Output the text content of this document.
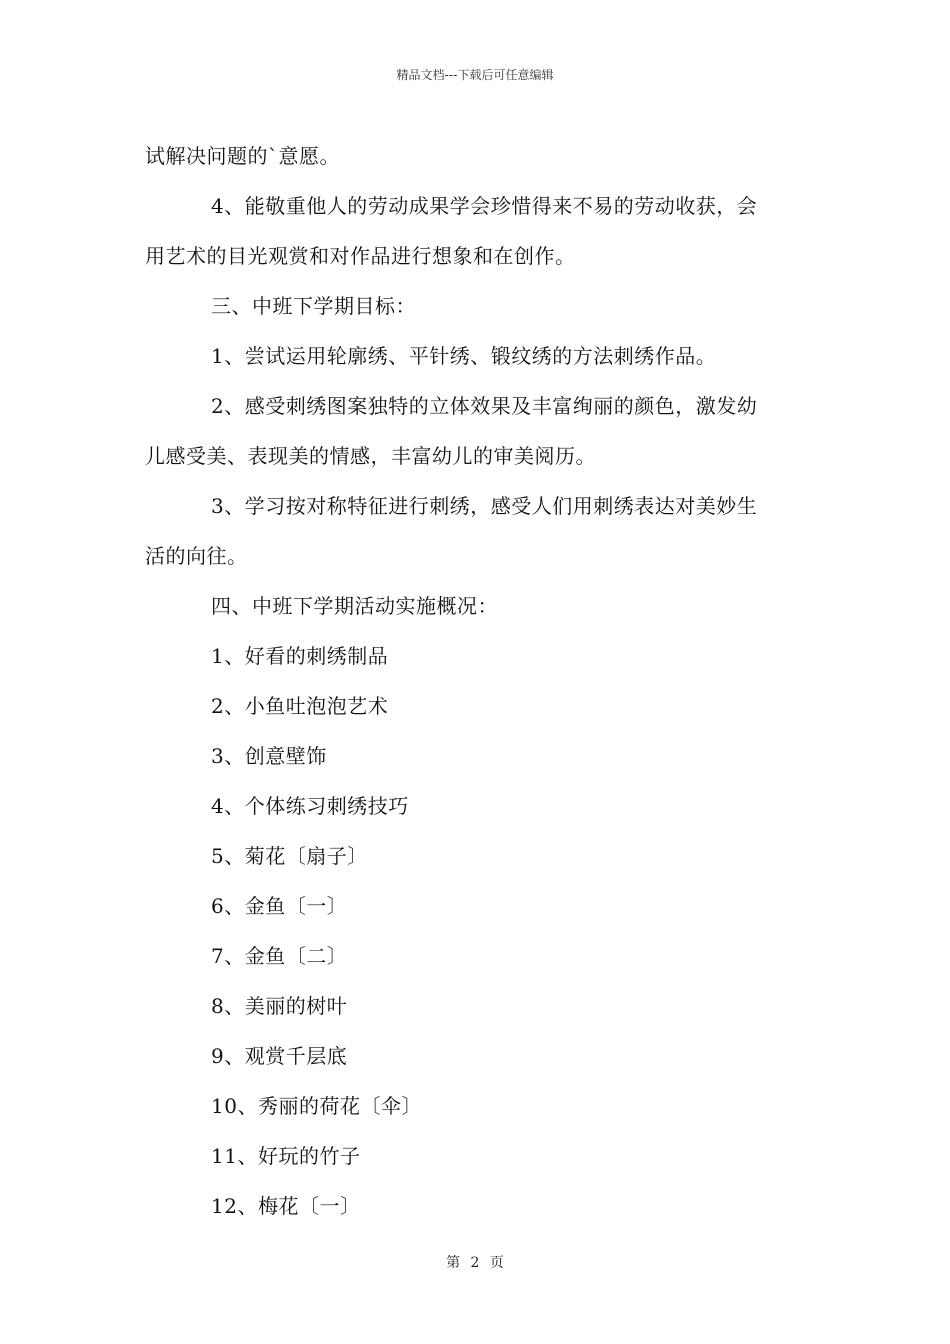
精品文档---下载后可任意编辑
试解决问题的`意愿。
4、能敬重他人的劳动成果学会珍惜得来不易的劳动收获，会
用艺术的目光观赏和对作品进行想象和在创作。
三、中班下学期目标：
1、尝试运用轮廓绣、平针绣、锻纹绣的方法刺绣作品。
2、感受刺绣图案独特的立体效果及丰富绚丽的颜色，激发幼
儿感受美、表现美的情感，丰富幼儿的审美阅历。
3、学习按对称特征进行刺绣，感受人们用刺绣表达对美妙生
活的向往。
四、中班下学期活动实施概况：
1、好看的刺绣制品
2、小鱼吐泡泡艺术
3、创意壁饰
4、个体练习刺绣技巧
5、菊花〔扇子〕
6、金鱼〔一〕
7、金鱼〔二〕
8、美丽的树叶
9、观赏千层底
10、秀丽的荷花〔伞〕
11、好玩的竹子
12、梅花〔一〕
第 2 页
